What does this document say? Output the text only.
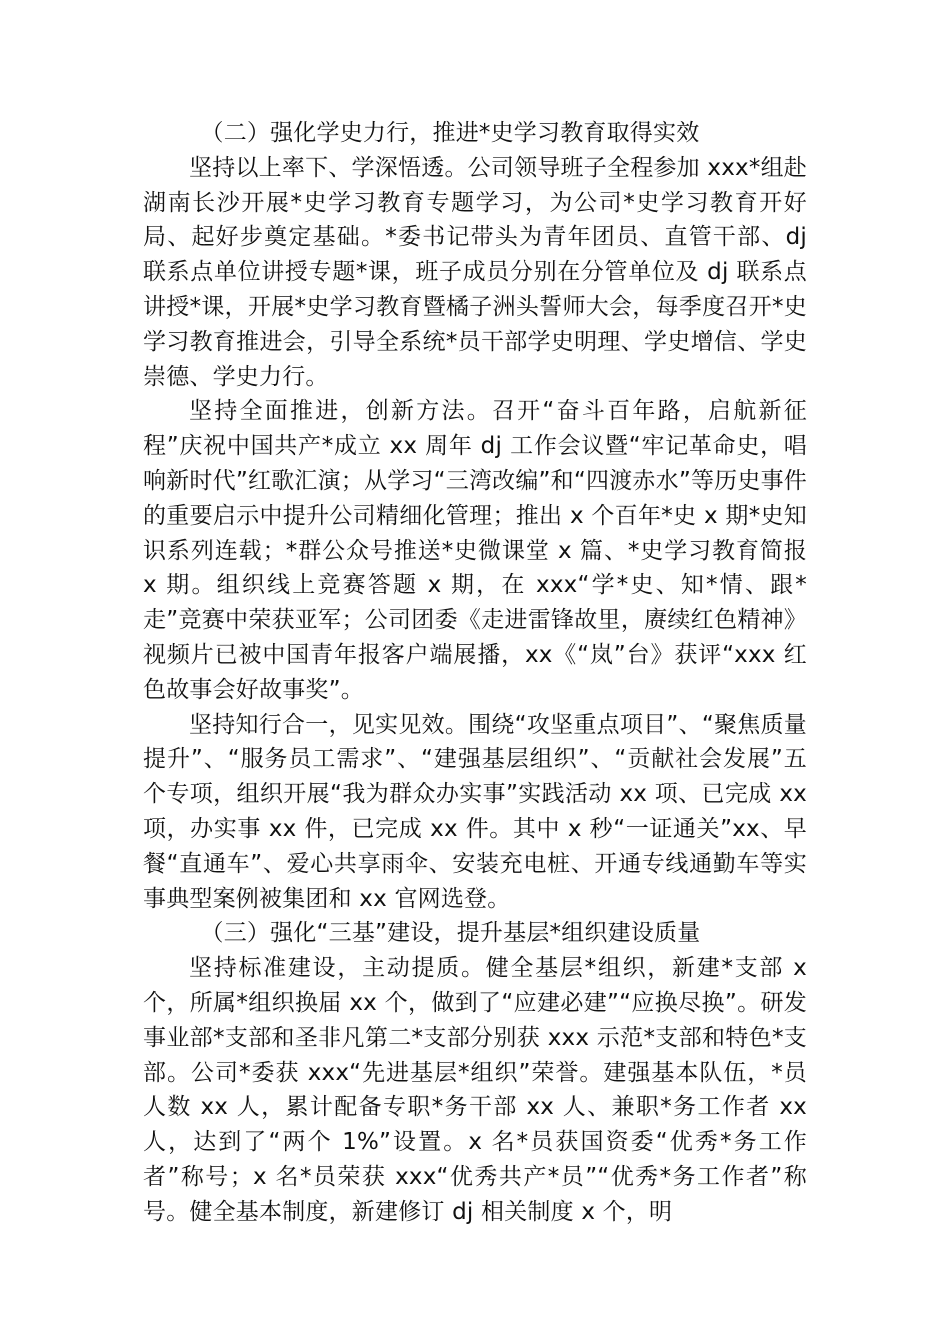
（二）强化学史力行，推进*史学习教育取得实效

坚持以上率下、学深悟透。公司领导班子全程参加 xxx*组赴湖南长沙开展*史学习教育专题学习，为公司*史学习教育开好局、起好步奠定基础。*委书记带头为青年团员、直管干部、dj 联系点单位讲授专题*课，班子成员分别在分管单位及 dj 联系点讲授*课，开展*史学习教育暨橘子洲头誓师大会，每季度召开*史学习教育推进会，引导全系统*员干部学史明理、学史增信、学史崇德、学史力行。

坚持全面推进，创新方法。召开“奋斗百年路，启航新征程”庆祝中国共产*成立 xx 周年 dj 工作会议暨“牢记革命史，唱响新时代”红歌汇演；从学习“三湾改编”和“四渡赤水”等历史事件的重要启示中提升公司精细化管理；推出 x 个百年*史 x 期*史知识系列连载；*群公众号推送*史微课堂 x 篇、*史学习教育简报 x 期。组织线上竞赛答题 x 期，在 xxx“学*史、知*情、跟*走”竞赛中荣获亚军；公司团委《走进雷锋故里，赓续红色精神》视频片已被中国青年报客户端展播，xx《“岚”台》获评“xxx 红色故事会好故事奖”。

坚持知行合一，见实见效。围绕“攻坚重点项目”、“聚焦质量提升”、“服务员工需求”、“建强基层组织”、“贡献社会发展”五个专项，组织开展“我为群众办实事”实践活动 xx 项、已完成 xx 项，办实事 xx 件，已完成 xx 件。其中 x 秒“一证通关”xx、早餐“直通车”、爱心共享雨伞、安装充电桩、开通专线通勤车等实事典型案例被集团和 xx 官网选登。

（三）强化“三基”建设，提升基层*组织建设质量

坚持标准建设，主动提质。健全基层*组织，新建*支部 x 个，所属*组织换届 xx 个，做到了“应建必建”“应换尽换”。研发事业部*支部和圣非凡第二*支部分别获 xxx 示范*支部和特色*支部。公司*委获 xxx“先进基层*组织”荣誉。建强基本队伍，*员人数 xx 人，累计配备专职*务干部 xx 人、兼职*务工作者 xx 人，达到了“两个 1%”设置。x 名*员获国资委“优秀*务工作者”称号；x 名*员荣获 xxx“优秀共产*员”“优秀*务工作者”称号。健全基本制度，新建修订 dj 相关制度 x 个，明
